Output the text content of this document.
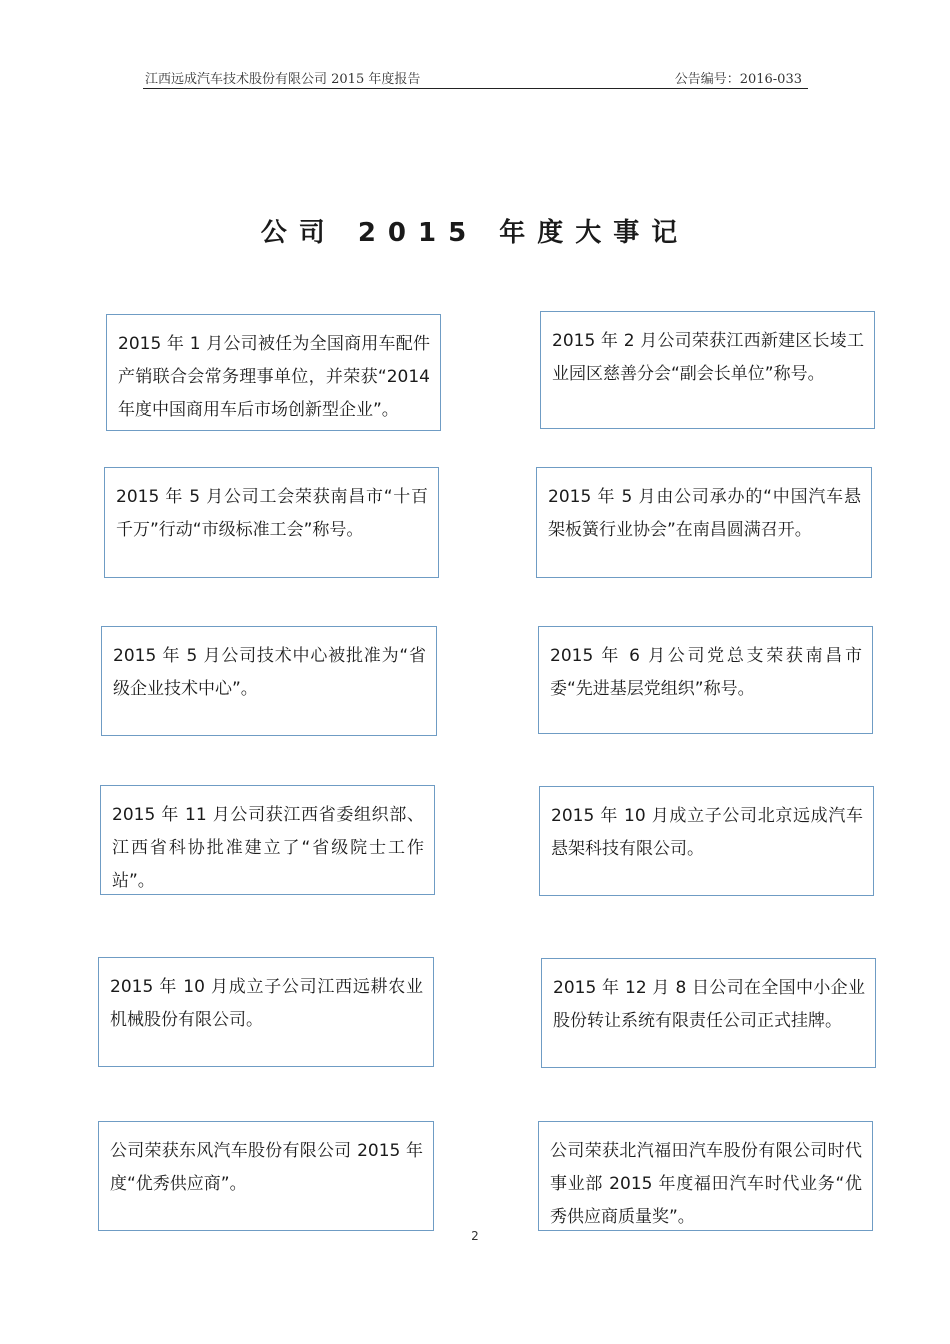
江西远成汽车技术股份有限公司 2015 年度报告	公告编号：2016-033
公司 2015 年度大事记
2015 年 1 月公司被任为全国商用车配件产销联合会常务理事单位，并荣获“2014 年度中国商用车后市场创新型企业”。
2015 年 2 月公司荣获江西新建区长堎工业园区慈善分会“副会长单位”称号。
2015 年 5 月公司工会荣获南昌市“十百千万”行动“市级标准工会”称号。
2015 年 5 月由公司承办的“中国汽车悬架板簧行业协会”在南昌圆满召开。
2015 年 5 月公司技术中心被批准为“省级企业技术中心”。
2015 年 6 月公司党总支荣获南昌市委“先进基层党组织”称号。
2015 年 11 月公司获江西省委组织部、江西省科协批准建立了“省级院士工作站”。
2015 年 10 月成立子公司北京远成汽车悬架科技有限公司。
2015 年 10 月成立子公司江西远耕农业机械股份有限公司。
2015 年 12 月 8 日公司在全国中小企业股份转让系统有限责任公司正式挂牌。
公司荣获东风汽车股份有限公司 2015 年度“优秀供应商”。
公司荣获北汽福田汽车股份有限公司时代事业部 2015 年度福田汽车时代业务“优秀供应商质量奖”。
2
